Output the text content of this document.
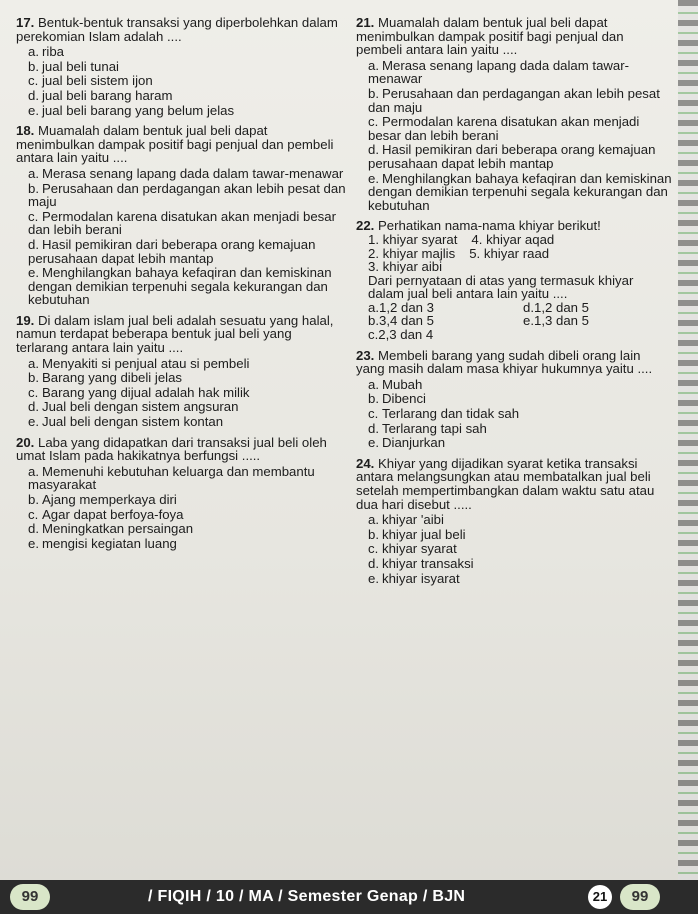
17. Bentuk-bentuk transaksi yang diperbolehkan dalam perekomian Islam adalah ....
a. riba
b. jual beli tunai
c. jual beli sistem ijon
d. jual beli barang haram
e. jual beli barang yang belum jelas
18. Muamalah dalam bentuk jual beli dapat menimbulkan dampak positif bagi penjual dan pembeli antara lain yaitu ....
a. Merasa senang lapang dada dalam tawar-menawar
b. Perusahaan dan perdagangan akan lebih pesat dan maju
c. Permodalan karena disatukan akan menjadi besar dan lebih berani
d. Hasil pemikiran dari beberapa orang kemajuan perusahaan dapat lebih mantap
e. Menghilangkan bahaya kefaqiran dan kemiskinan dengan demikian terpenuhi segala kekurangan dan kebutuhan
19. Di dalam islam jual beli adalah sesuatu yang halal, namun terdapat beberapa bentuk jual beli yang terlarang antara lain yaitu ....
a. Menyakiti si penjual atau si pembeli
b. Barang yang dibeli jelas
c. Barang yang dijual adalah hak milik
d. Jual beli dengan sistem angsuran
e. Jual beli dengan sistem kontan
20. Laba yang didapatkan dari transaksi jual beli oleh umat Islam pada hakikatnya berfungsi .....
a. Memenuhi kebutuhan keluarga dan membantu masyarakat
b. Ajang memperkaya diri
c. Agar dapat berfoya-foya
d. Meningkatkan persaingan
e. mengisi kegiatan luang
21. Muamalah dalam bentuk jual beli dapat menimbulkan dampak positif bagi penjual dan pembeli antara lain yaitu ....
a. Merasa senang lapang dada dalam tawar-menawar
b. Perusahaan dan perdagangan akan lebih pesat dan maju
c. Permodalan karena disatukan akan menjadi besar dan lebih berani
d. Hasil pemikiran dari beberapa orang kemajuan perusahaan dapat lebih mantap
e. Menghilangkan bahaya kefaqiran dan kemiskinan dengan demikian terpenuhi segala kekurangan dan kebutuhan
22. Perhatikan nama-nama khiyar berikut!
1. khiyar syarat 4. khiyar aqad
2. khiyar majlis 5. khiyar raad
3. khiyar aibi
Dari pernyataan di atas yang termasuk khiyar dalam jual beli antara lain yaitu ....
a.1,2 dan 3	d.1,2 dan 5
b.3,4 dan 5	e.1,3 dan 5
c.2,3 dan 4
23. Membeli barang yang sudah dibeli orang lain yang masih dalam masa khiyar hukumnya yaitu ....
a. Mubah
b. Dibenci
c. Terlarang dan tidak sah
d. Terlarang tapi sah
e. Dianjurkan
24. Khiyar yang dijadikan syarat ketika transaksi antara melangsungkan atau membatalkan jual beli setelah mempertimbangkan dalam waktu satu atau dua hari disebut .....
a. khiyar 'aibi
b. khiyar jual beli
c. khiyar syarat
d. khiyar transaksi
e. khiyar isyarat
99	/ FIQIH / 10 / MA / Semester Genap / BJN	21	99
